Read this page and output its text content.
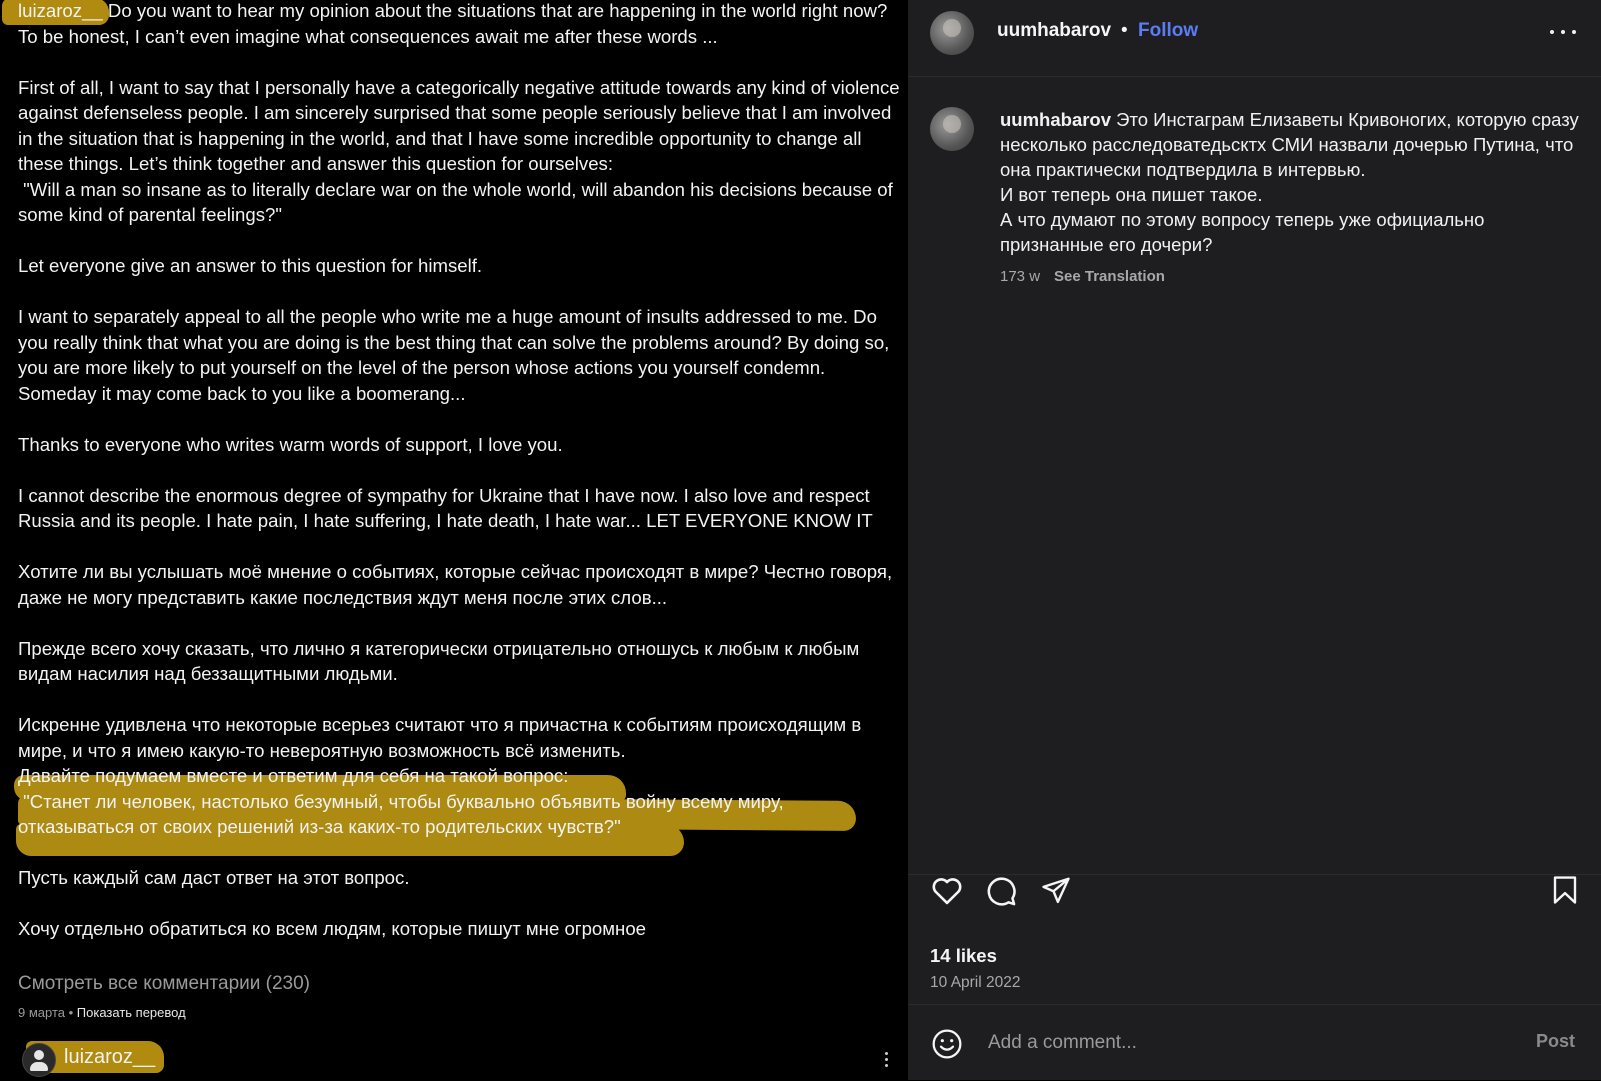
luizaroz__ Do you want to hear my opinion about the situations that are happening in the world right now? To be honest, I can’t even imagine what consequences await me after these words ...

First of all, I want to say that I personally have a categorically negative attitude towards any kind of violence against defenseless people. I am sincerely surprised that some people seriously believe that I am involved in the situation that is happening in the world, and that I have some incredible opportunity to change all these things. Let’s think together and answer this question for ourselves:
"Will a man so insane as to literally declare war on the whole world, will abandon his decisions because of some kind of parental feelings?"

Let everyone give an answer to this question for himself.

I want to separately appeal to all the people who write me a huge amount of insults addressed to me. Do you really think that what you are doing is the best thing that can solve the problems around? By doing so, you are more likely to put yourself on the level of the person whose actions you yourself condemn. Someday it may come back to you like a boomerang...

Thanks to everyone who writes warm words of support, I love you.

I cannot describe the enormous degree of sympathy for Ukraine that I have now. I also love and respect Russia and its people. I hate pain, I hate suffering, I hate death, I hate war... LET EVERYONE KNOW IT

Хотите ли вы услышать моё мнение о событиях, которые сейчас происходят в мире? Честно говоря, даже не могу представить какие последствия ждут меня после этих слов...

Прежде всего хочу сказать, что лично я категорически отрицательно отношусь к любым к любым видам насилия над беззащитными людьми.

Искренне удивлена что некоторые всерьез считают что я причастна к событиям происходящим в мире, и что я имею какую-то невероятную возможность всё изменить.

Давайте подумаем вместе и ответим для себя на такой вопрос:
"Станет ли человек, настолько безумный, чтобы буквально объявить войну всему миру, отказываться от своих решений из-за каких-то родительских чувств?"

Пусть каждый сам даст ответ на этот вопрос.

Хочу отдельно обратиться ко всем людям, которые пишут мне огромное

Смотреть все комментарии (230)
9 марта • Показать перевод
luizaroz__
uumhabarov • Follow

uumhabarov Это Инстаграм Елизаветы Кривоногих, которую сразу несколько расследоватедьсктх СМИ назвали дочерью Путина, что она практически подтвердила в интервью.

И вот теперь она пишет такое.

А что думают по этому вопросу теперь уже официально признанные его дочери?

173 w See Translation
14 likes
10 April 2022
Add a comment...
Post
